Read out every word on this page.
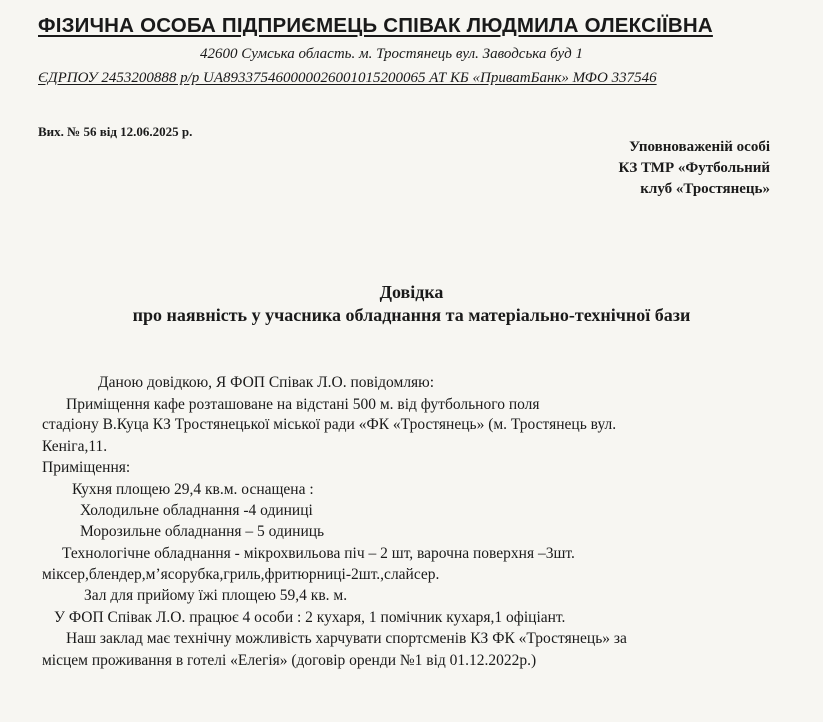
ФІЗИЧНА ОСОБА ПІДПРИЄМЕЦЬ СПІВАК ЛЮДМИЛА ОЛЕКСІЇВНА
42600 Сумська область. м. Тростянець вул. Заводська буд 1
ЄДРПОУ 2453200888 р/р UA893375460000026001015200065 АТ КБ «ПриватБанк» МФО 337546
Вих. № 56 від 12.06.2025 р.
Уповноваженій особі
КЗ ТМР «Футбольний
клуб «Тростянець»
Довідка
про наявність у учасника обладнання та матеріально-технічної бази
Даною довідкою, Я ФОП Співак Л.О. повідомляю:
Приміщення кафе розташоване на відстані 500 м. від футбольного поля
стадіону В.Куца КЗ Тростянецької міської ради «ФК «Тростянець» (м. Тростянець вул.
Кеніга,11.
Приміщення:
Кухня площею 29,4 кв.м. оснащена :
Холодильне обладнання -4 одиниці
Морозильне обладнання – 5 одиниць
Технологічне обладнання - мікрохвильова піч – 2 шт, варочна поверхня –3шт.
міксер,блендер,м’ясорубка,гриль,фритюрниці-2шт.,слайсер.
Зал для прийому їжі площею 59,4 кв. м.
У ФОП Співак Л.О. працює 4 особи : 2 кухаря, 1 помічник кухаря,1 офіціант.
Наш заклад має технічну можливість харчувати спортсменів КЗ ФК «Тростянець» за
місцем проживання в готелі «Елегія» (договір оренди №1 від 01.12.2022р.)
